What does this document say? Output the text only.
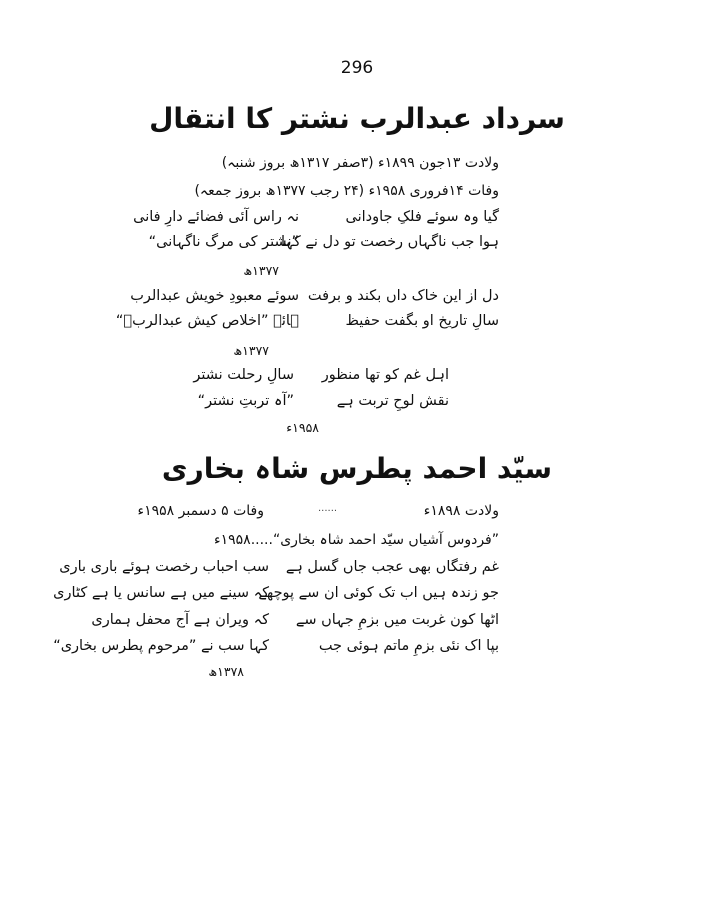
296
سرداد عبدالرب نشتر کا انتقال
ولادت ۱۳جون ۱۸۹۹ء (۳صفر ۱۳۱۷ھ بروز شنبہ)
وفات ۱۴فروری ۱۹۵۸ء (۲۴ رجب ۱۳۷۷ھ بروز جمعہ)
گیا وہ سوئے فلکِ جاودانی
نہ راس آئی فضائے دارِ فانی
ہوا جب ناگہاں رخصت تو دل نے کہا
”نشتر کی مرگ ناگہانی“
۱۳۷۷ھ
دل از این خاک داں بکند و برفت
سوئے معبودِ خویش عبدالرب
سالِ تاریخ او بگفت حفیظ
ہائے ”اخلاص کیش عبدالربؔ“
۱۳۷۷ھ
اہل غم کو تھا منظور
سالِ رحلت نشتر
نقش لوحِ تربت ہے
”آہ تربتِ نشتر“
۱۹۵۸ء
سیّد احمد پطرس شاہ بخاری
ولادت ۱۸۹۸ء
......
وفات ۵ دسمبر ۱۹۵۸ء
”فردوس آشیاں سیّد احمد شاہ بخاری“.....۱۹۵۸ء
غم رفتگاں بھی عجب جاں گسل ہے
سب احباب رخصت ہوئے باری باری
جو زندہ ہیں اب تک کوئی ان سے پوچھے
کہ سینے میں ہے سانس یا ہے کٹاری
اٹھا کون غربت میں بزمِ جہاں سے
کہ ویران ہے آج محفل ہماری
بپا اک نئی بزمِ ماتم ہوئی جب
کہا سب نے ”مرحوم پطرس بخاری“
۱۳۷۸ھ
